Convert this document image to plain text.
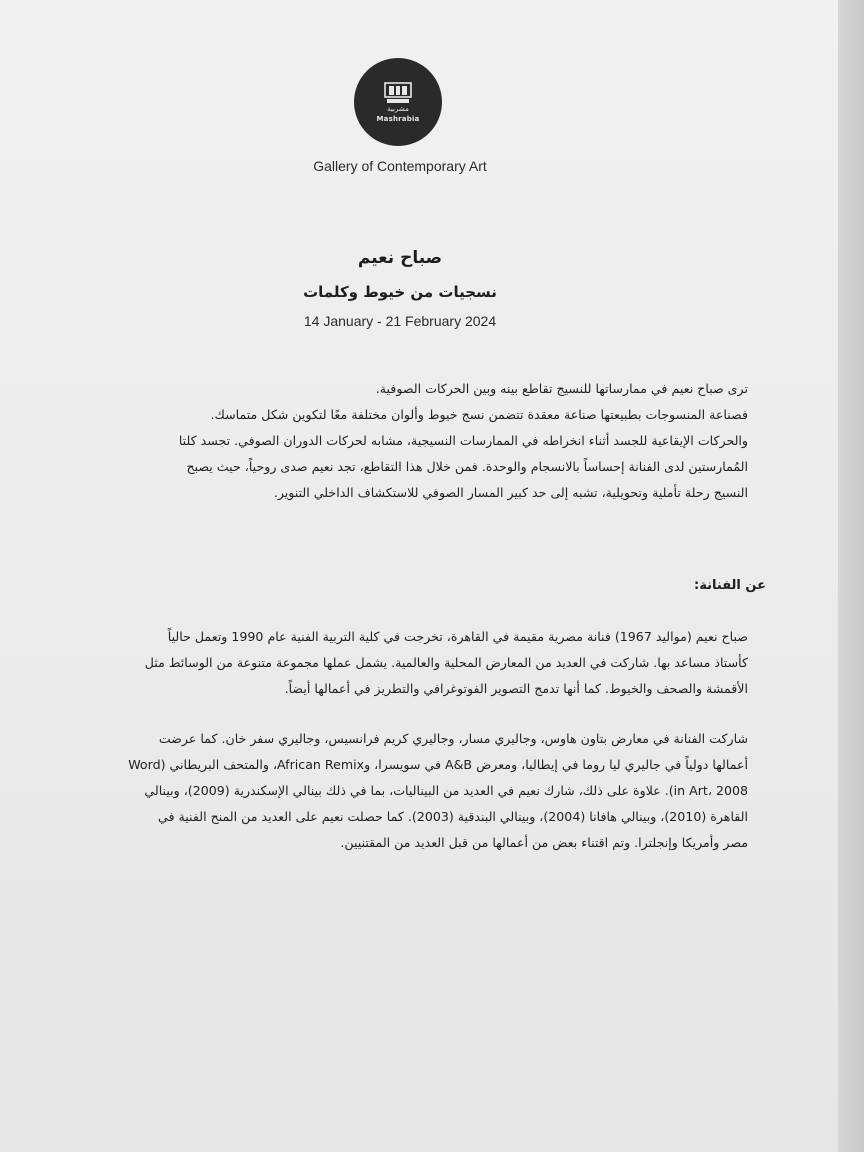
مشربية
Mashrabia
Gallery of Contemporary Art
صباح نعيم
نسجيات من خيوط وكلمات
14 January - 21 February 2024

ترى صباح نعيم في ممارساتها للنسيج تقاطع بينه وبين الحركات الصوفية.

فصناعة المنسوجات بطبيعتها صناعة معقدة تتضمن نسج خيوط وألوان مختلفة معًا لتكوين شكل متماسك.

والحركات الإيقاعية للجسد أثناء انخراطه في الممارسات النسيجية، مشابه لحركات الدوران الصوفي. تجسد كلتا

المُمارستين لدى الفنانة إحساساً بالانسجام والوحدة. فمن خلال هذا التقاطع، تجد نعيم صدى روحياً، حيث يصبح

النسيج رحلة تأملية وتحويلية، تشبه إلى حد كبير المسار الصوفي للاستكشاف الداخلي التنوير.

عن الفنانة:

صباح نعيم (مواليد 1967) فنانة مصرية مقيمة في القاهرة، تخرجت في كلية التربية الفنية عام 1990 وتعمل حالياً

كأستاذ مساعد بها. شاركت في العديد من المعارض المحلية والعالمية. يشمل عملها مجموعة متنوعة من الوسائط مثل

الأقمشة والصحف والخيوط. كما أنها تدمج التصوير الفوتوغرافي والتطريز في أعمالها أيضاً.

شاركت الفنانة في معارض بتاون هاوس، وجاليري مسار، وجاليري كريم فرانسيس، وجاليري سفر خان. كما عرضت

أعمالها دولياً في جاليري ليا روما في إيطاليا، ومعرض A&B في سويسرا، وAfrican Remix، والمتحف البريطاني (Word

in Art، 2008). علاوة على ذلك، شارك نعيم في العديد من البيناليات، بما في ذلك بينالي الإسكندرية (2009)، وبينالي

القاهرة (2010)، وبينالي هافانا (2004)، وبينالي البندقية (2003). كما حصلت نعيم على العديد من المنح الفنية في

مصر وأمريكا وإنجلترا. وتم اقتناء بعض من أعمالها من قبل العديد من المقتنيين.
